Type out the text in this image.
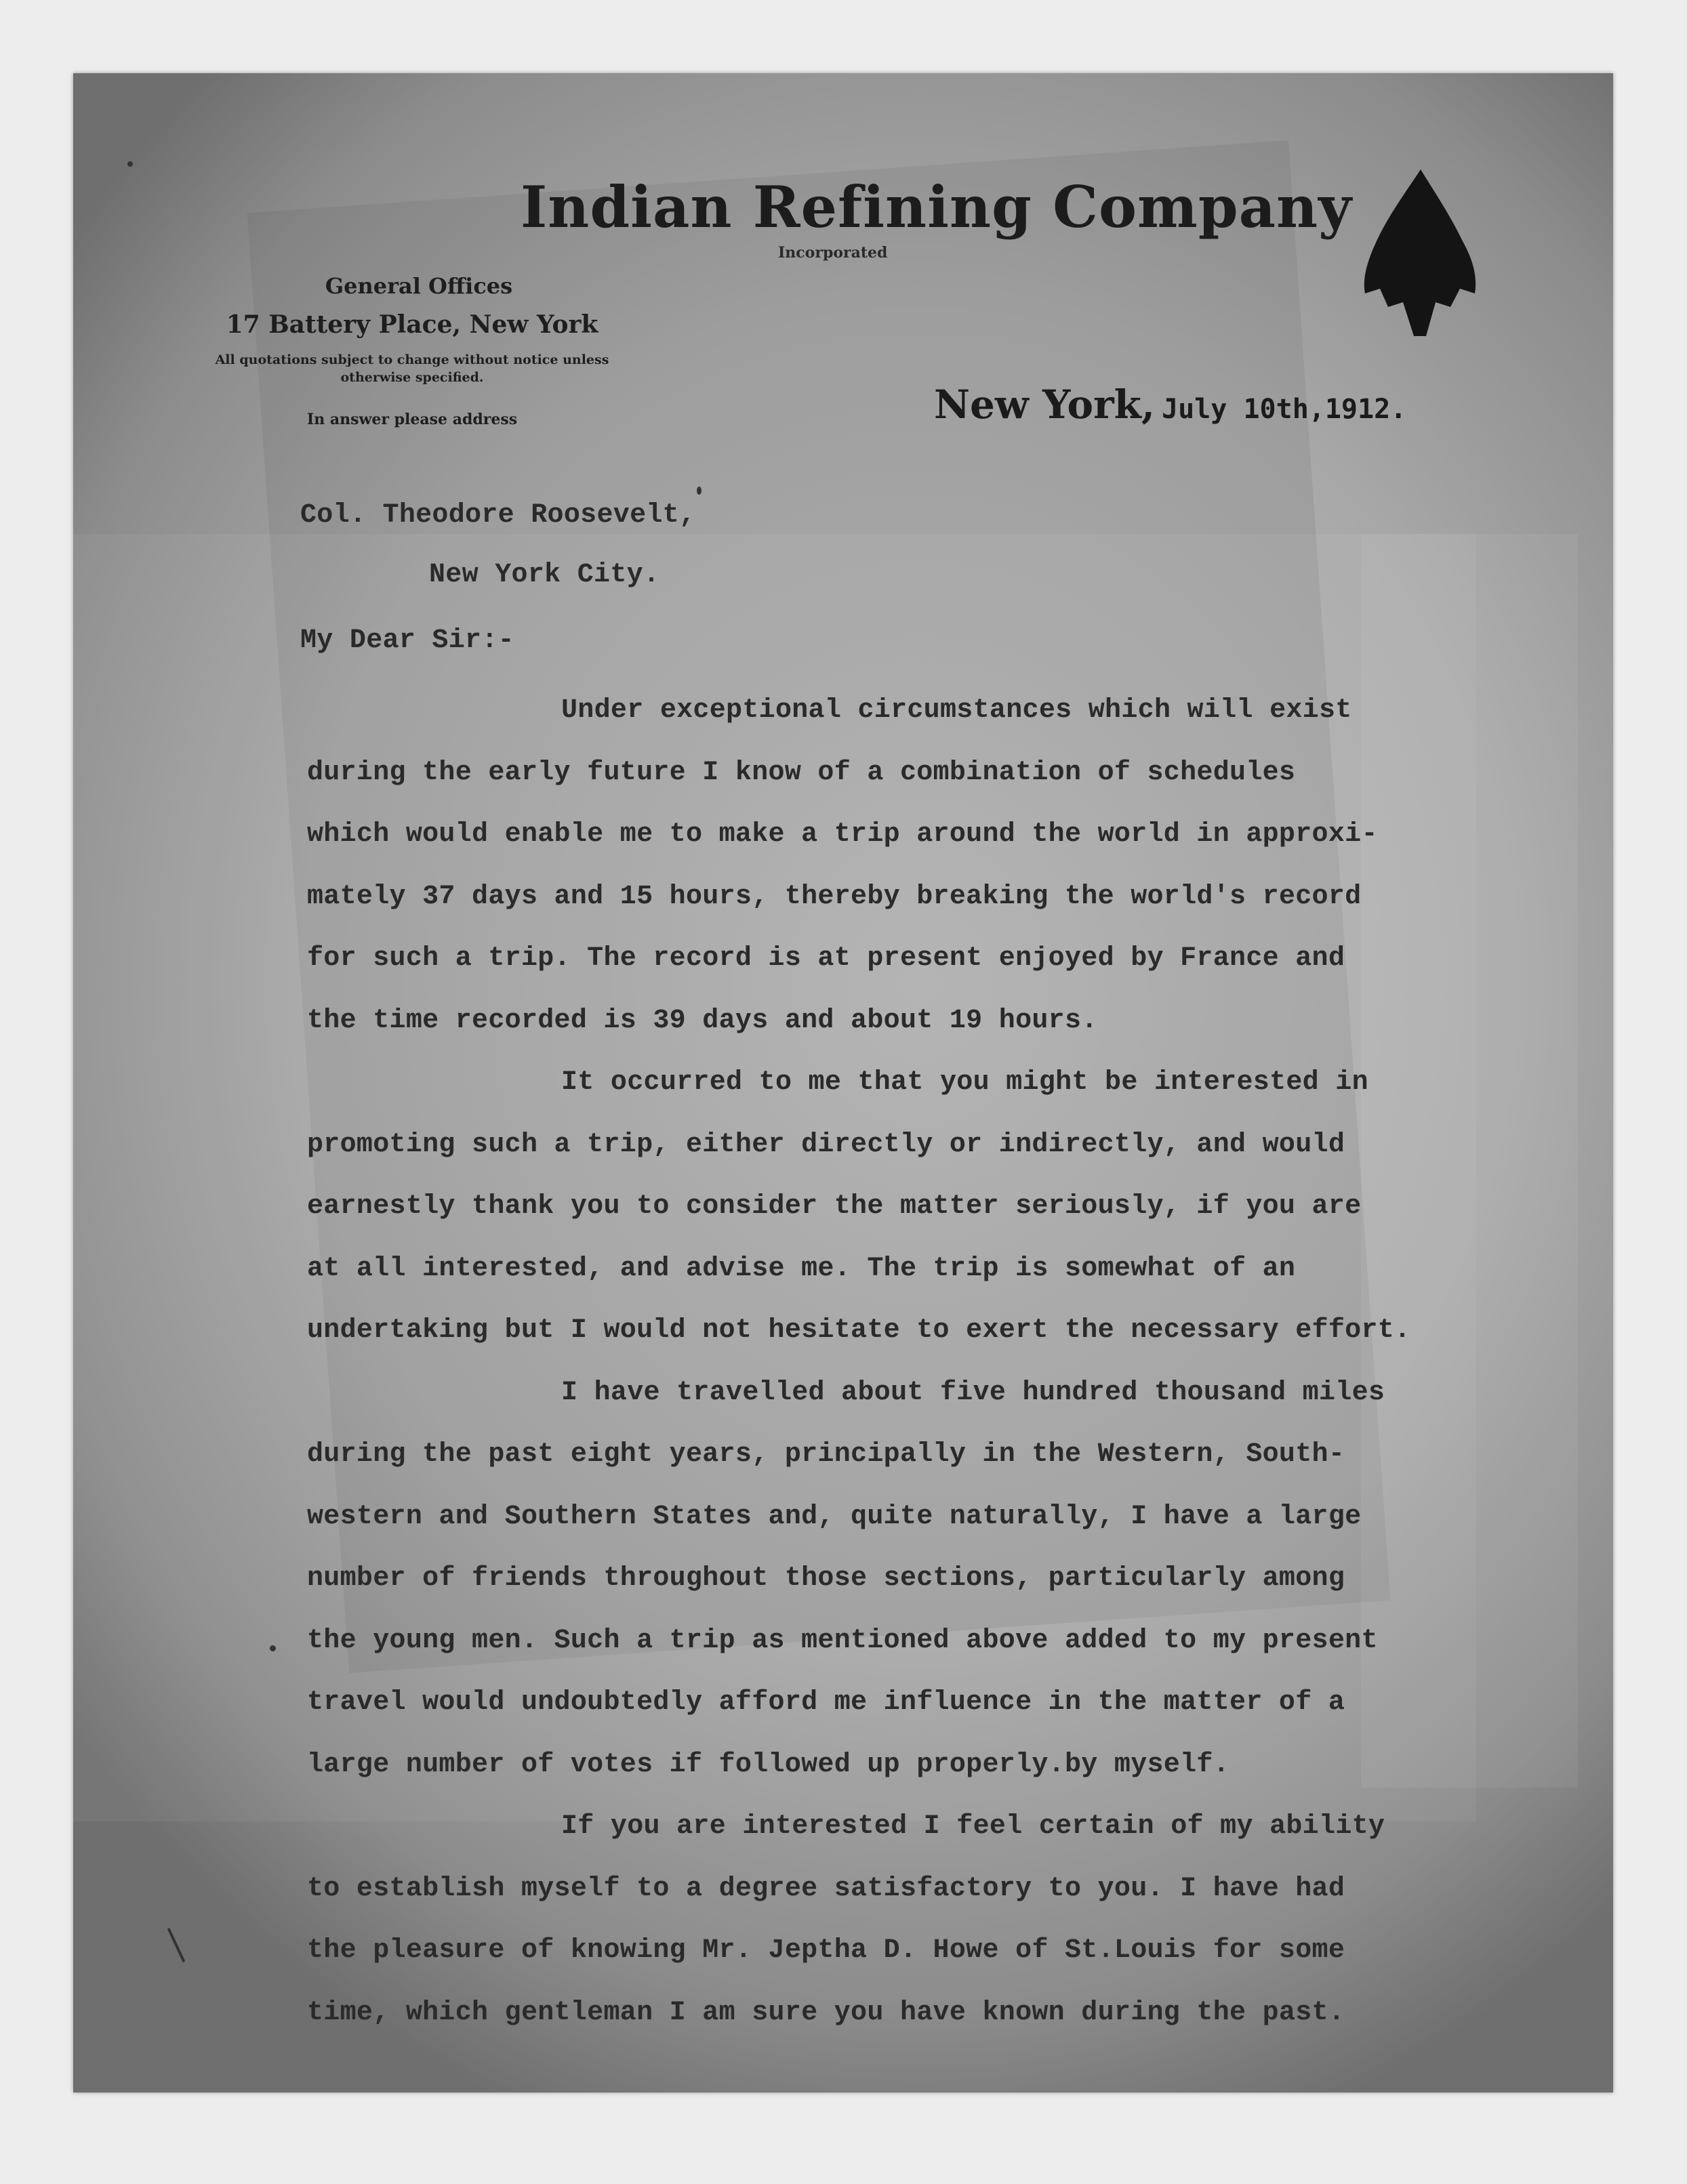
Indian Refining Company
Incorporated
General Offices
17 Battery Place, New York
All quotations subject to change without notice unless otherwise specified.
In answer please address	New York, July 10th,1912.
Col. Theodore Roosevelt,
New York City.
My Dear Sir:-
Under exceptional circumstances which will exist
during the early future I know of a combination of schedules
which would enable me to make a trip around the world in approxi-
mately 37 days and 15 hours, thereby breaking the world's record
for such a trip. The record is at present enjoyed by France and
the time recorded is 39 days and about 19 hours.
It occurred to me that you might be interested in
promoting such a trip, either directly or indirectly, and would
earnestly thank you to consider the matter seriously, if you are
at all interested, and advise me. The trip is somewhat of an
undertaking but I would not hesitate to exert the necessary effort.
I have travelled about five hundred thousand miles
during the past eight years, principally in the Western, South-
western and Southern States and, quite naturally, I have a large
number of friends throughout those sections, particularly among
the young men. Such a trip as mentioned above added to my present
travel would undoubtedly afford me influence in the matter of a
large number of votes if followed up properly.by myself.
If you are interested I feel certain of my ability
to establish myself to a degree satisfactory to you. I have had
the pleasure of knowing Mr. Jeptha D. Howe of St.Louis for some
time, which gentleman I am sure you have known during the past.
